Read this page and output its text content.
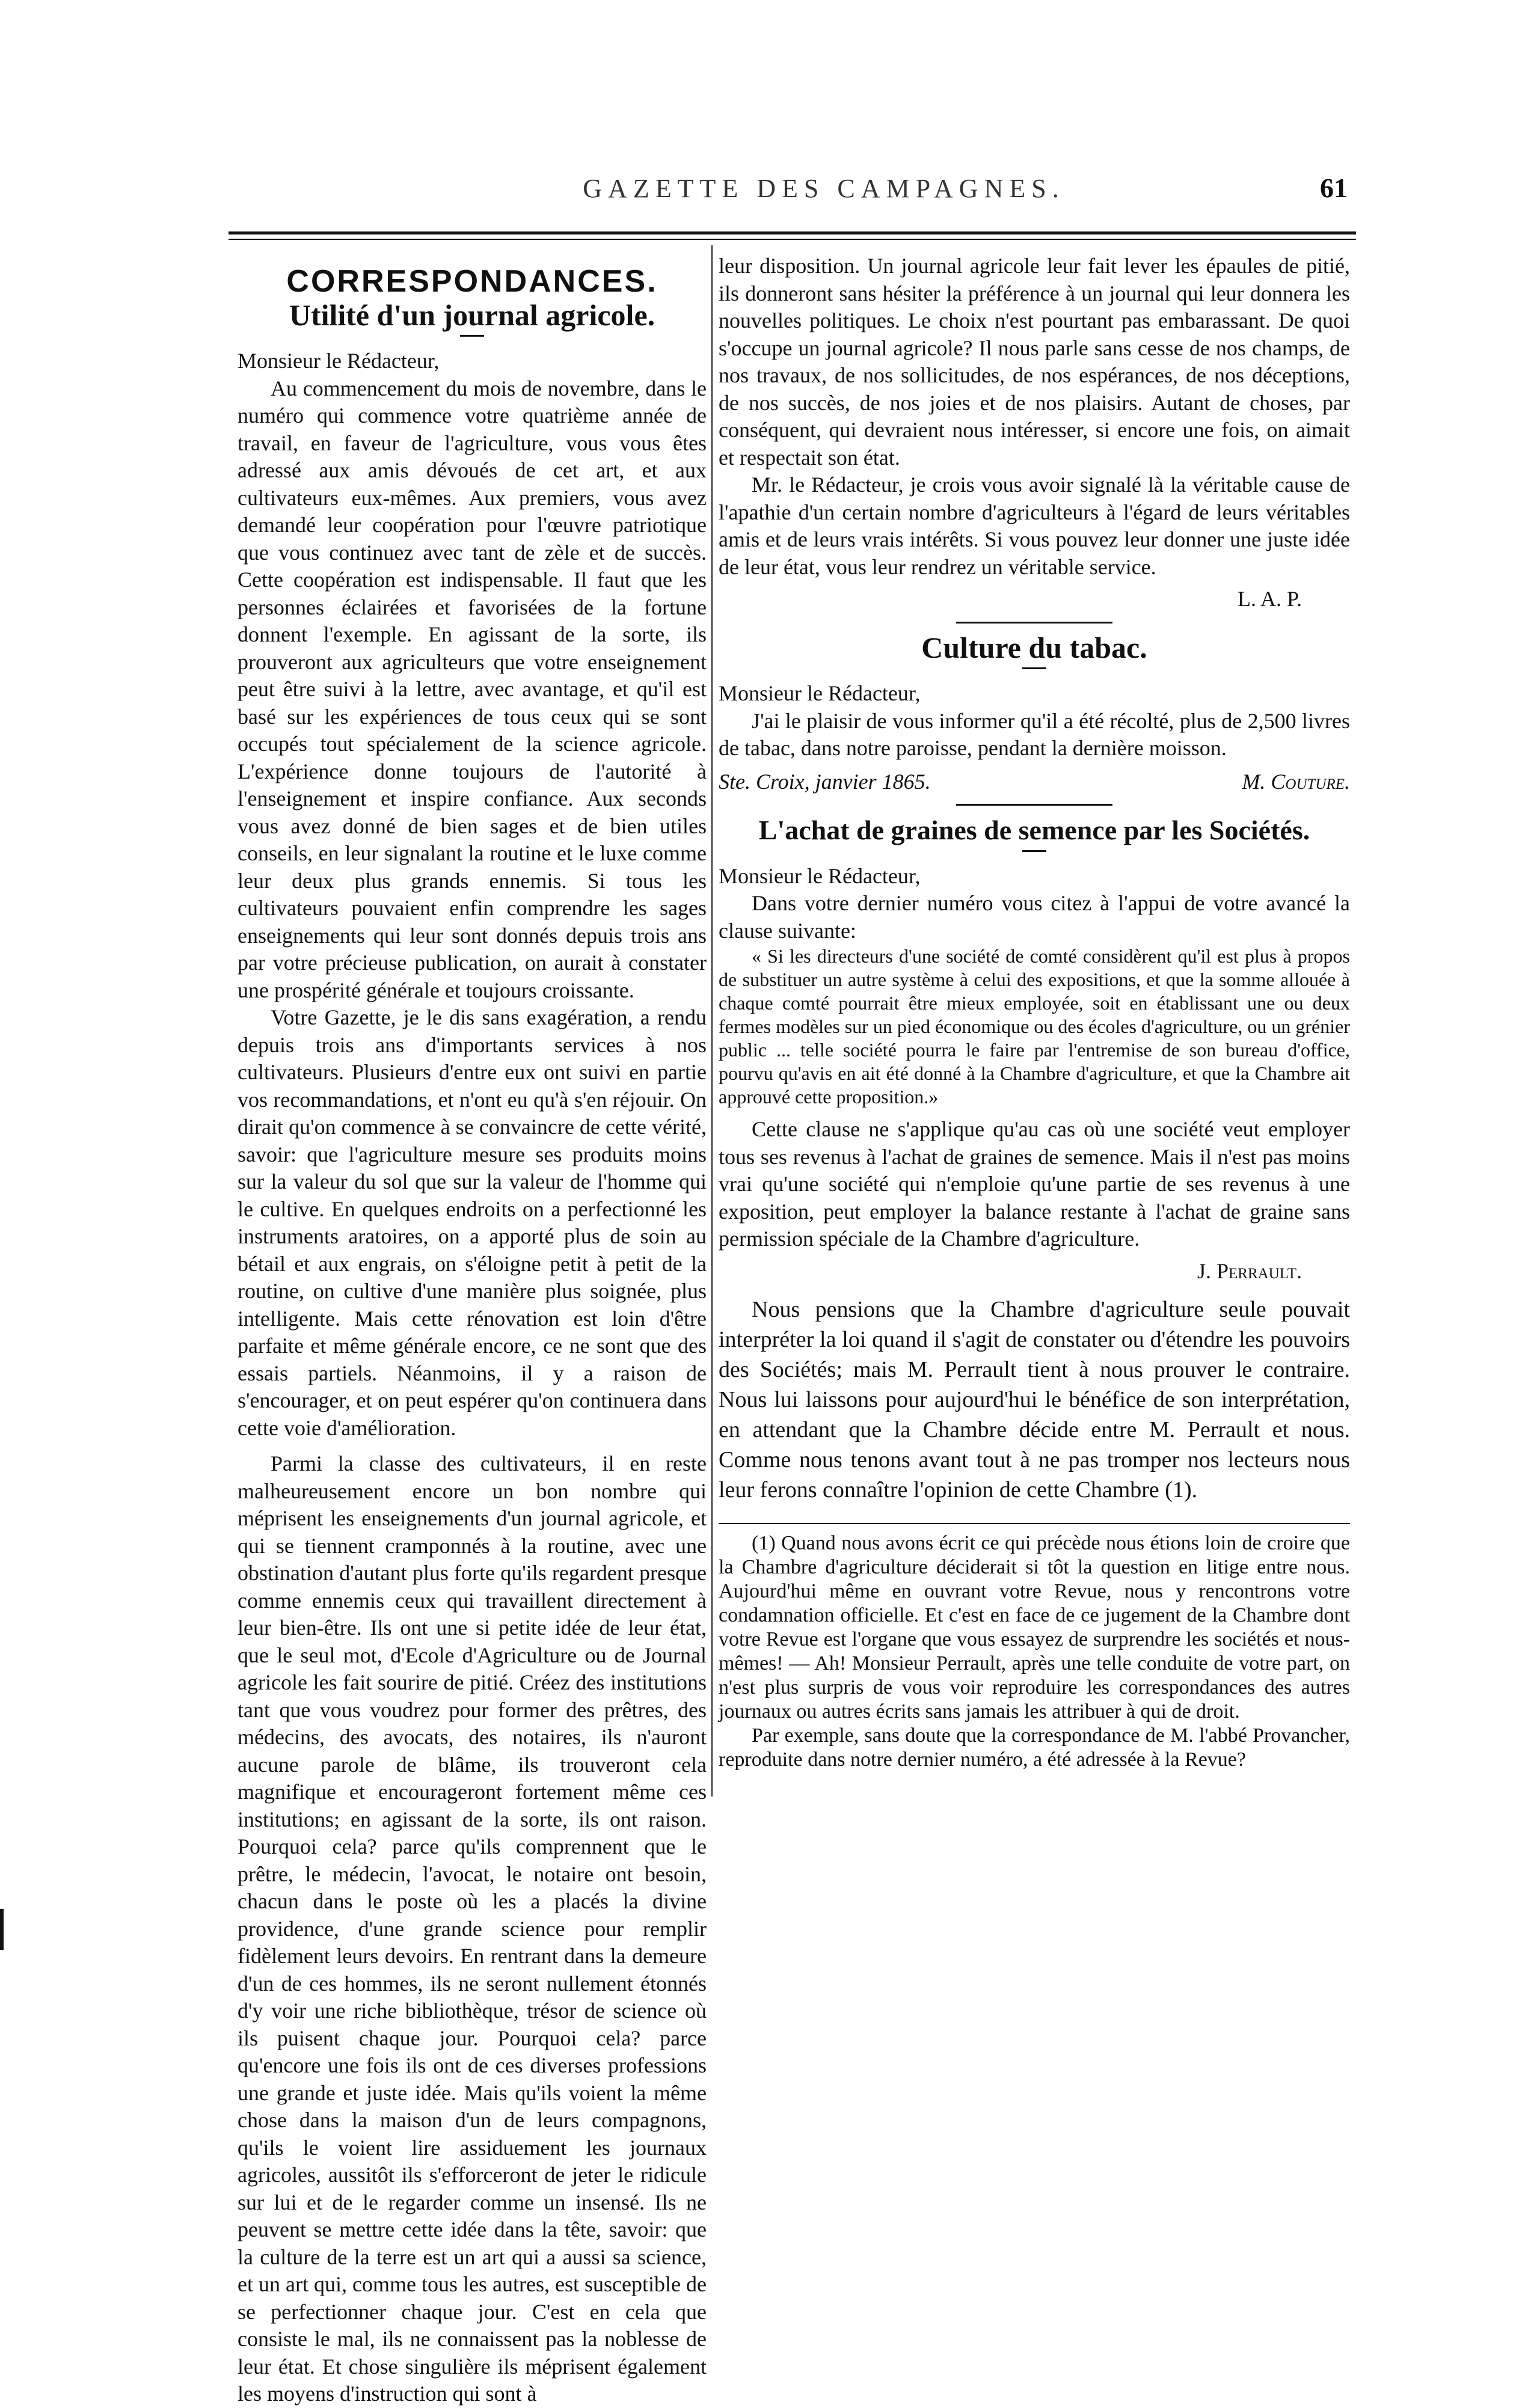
GAZETTE DES CAMPAGNES.	61
CORRESPONDANCES.
Utilité d'un journal agricole.
Monsieur le Rédacteur,

Au commencement du mois de novembre, dans le numéro qui commence votre quatrième année de travail, en faveur de l'agriculture, vous vous êtes adressé aux amis dévoués de cet art, et aux cultivateurs eux-mêmes. Aux premiers, vous avez demandé leur coopération pour l'œuvre patriotique que vous continuez avec tant de zèle et de succès. Cette coopération est indispensable. Il faut que les personnes éclairées et favorisées de la fortune donnent l'exemple. En agissant de la sorte, ils prouveront aux agriculteurs que votre enseignement peut être suivi à la lettre, avec avantage, et qu'il est basé sur les expériences de tous ceux qui se sont occupés tout spécialement de la science agricole. L'expérience donne toujours de l'autorité à l'enseignement et inspire confiance. Aux seconds vous avez donné de bien sages et de bien utiles conseils, en leur signalant la routine et le luxe comme leur deux plus grands ennemis. Si tous les cultivateurs pouvaient enfin comprendre les sages enseignements qui leur sont donnés depuis trois ans par votre précieuse publication, on aurait à constater une prospérité générale et toujours croissante.

Votre Gazette, je le dis sans exagération, a rendu depuis trois ans d'importants services à nos cultivateurs. Plusieurs d'entre eux ont suivi en partie vos recommandations, et n'ont eu qu'à s'en réjouir. On dirait qu'on commence à se convaincre de cette vérité, savoir: que l'agriculture mesure ses produits moins sur la valeur du sol que sur la valeur de l'homme qui le cultive. En quelques endroits on a perfectionné les instruments aratoires, on a apporté plus de soin au bétail et aux engrais, on s'éloigne petit à petit de la routine, on cultive d'une manière plus soignée, plus intelligente. Mais cette rénovation est loin d'être parfaite et même générale encore, ce ne sont que des essais partiels. Néanmoins, il y a raison de s'encourager, et on peut espérer qu'on continuera dans cette voie d'amélioration.

Parmi la classe des cultivateurs, il en reste malheureusement encore un bon nombre qui méprisent les enseignements d'un journal agricole, et qui se tiennent cramponnés à la routine, avec une obstination d'autant plus forte qu'ils regardent presque comme ennemis ceux qui travaillent directement à leur bien-être. Ils ont une si petite idée de leur état, que le seul mot, d'Ecole d'Agriculture ou de Journal agricole les fait sourire de pitié. Créez des institutions tant que vous voudrez pour former des prêtres, des médecins, des avocats, des notaires, ils n'auront aucune parole de blâme, ils trouveront cela magnifique et encourageront fortement même ces institutions; en agissant de la sorte, ils ont raison. Pourquoi cela? parce qu'ils comprennent que le prêtre, le médecin, l'avocat, le notaire ont besoin, chacun dans le poste où les a placés la divine providence, d'une grande science pour remplir fidèlement leurs devoirs. En rentrant dans la demeure d'un de ces hommes, ils ne seront nullement étonnés d'y voir une riche bibliothèque, trésor de science où ils puisent chaque jour. Pourquoi cela? parce qu'encore une fois ils ont de ces diverses professions une grande et juste idée. Mais qu'ils voient la même chose dans la maison d'un de leurs compagnons, qu'ils le voient lire assiduement les journaux agricoles, aussitôt ils s'efforceront de jeter le ridicule sur lui et de le regarder comme un insensé. Ils ne peuvent se mettre cette idée dans la tête, savoir: que la culture de la terre est un art qui a aussi sa science, et un art qui, comme tous les autres, est susceptible de se perfectionner chaque jour. C'est en cela que consiste le mal, ils ne connaissent pas la noblesse de leur état. Et chose singulière ils méprisent également les moyens d'instruction qui sont à

leur disposition. Un journal agricole leur fait lever les épaules de pitié, ils donneront sans hésiter la préférence à un journal qui leur donnera les nouvelles politiques. Le choix n'est pourtant pas embarassant. De quoi s'occupe un journal agricole? Il nous parle sans cesse de nos champs, de nos travaux, de nos sollicitudes, de nos espérances, de nos déceptions, de nos succès, de nos joies et de nos plaisirs. Autant de choses, par conséquent, qui devraient nous intéresser, si encore une fois, on aimait et respectait son état.

Mr. le Rédacteur, je crois vous avoir signalé là la véritable cause de l'apathie d'un certain nombre d'agriculteurs à l'égard de leurs véritables amis et de leurs vrais intérêts. Si vous pouvez leur donner une juste idée de leur état, vous leur rendrez un véritable service.

L. A. P.
Culture du tabac.
Monsieur le Rédacteur,

J'ai le plaisir de vous informer qu'il a été récolté, plus de 2,500 livres de tabac, dans notre paroisse, pendant la dernière moisson.

Ste. Croix, janvier 1865.	M. Couture.
L'achat de graines de semence par les Sociétés.
Monsieur le Rédacteur,

Dans votre dernier numéro vous citez à l'appui de votre avancé la clause suivante:

« Si les directeurs d'une société de comté considèrent qu'il est plus à propos de substituer un autre système à celui des expositions, et que la somme allouée à chaque comté pourrait être mieux employée, soit en établissant une ou deux fermes modèles sur un pied économique ou des écoles d'agriculture, ou un grénier public ... telle société pourra le faire par l'entremise de son bureau d'office, pourvu qu'avis en ait été donné à la Chambre d'agriculture, et que la Chambre ait approuvé cette proposition.»

Cette clause ne s'applique qu'au cas où une société veut employer tous ses revenus à l'achat de graines de semence. Mais il n'est pas moins vrai qu'une société qui n'emploie qu'une partie de ses revenus à une exposition, peut employer la balance restante à l'achat de graine sans permission spéciale de la Chambre d'agriculture.

J. Perrault.

Nous pensions que la Chambre d'agriculture seule pouvait interpréter la loi quand il s'agit de constater ou d'étendre les pouvoirs des Sociétés; mais M. Perrault tient à nous prouver le contraire. Nous lui laissons pour aujourd'hui le bénéfice de son interprétation, en attendant que la Chambre décide entre M. Perrault et nous. Comme nous tenons avant tout à ne pas tromper nos lecteurs nous leur ferons connaître l'opinion de cette Chambre (1).

(1) Quand nous avons écrit ce qui précède nous étions loin de croire que la Chambre d'agriculture déciderait si tôt la question en litige entre nous. Aujourd'hui même en ouvrant votre Revue, nous y rencontrons votre condamnation officielle. Et c'est en face de ce jugement de la Chambre dont votre Revue est l'organe que vous essayez de surprendre les sociétés et nous-mêmes! — Ah! Monsieur Perrault, après une telle conduite de votre part, on n'est plus surpris de vous voir reproduire les correspondances des autres journaux ou autres écrits sans jamais les attribuer à qui de droit.

Par exemple, sans doute que la correspondance de M. l'abbé Provancher, reproduite dans notre dernier numéro, a été adressée à la Revue?
